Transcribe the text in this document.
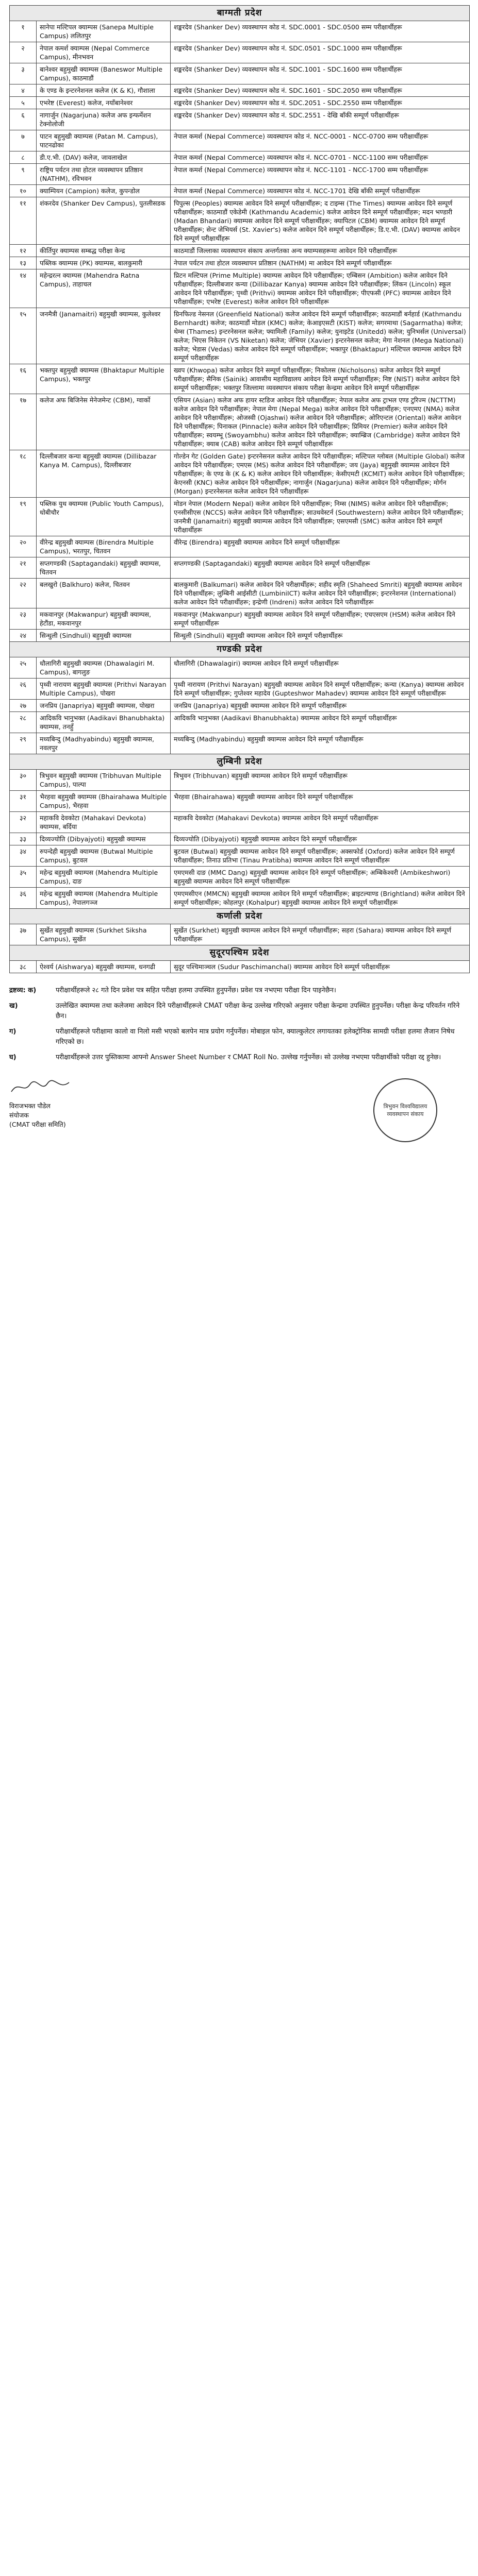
बाग्मती प्रदेश		
१	सानेपा मल्टिपल क्याम्पस (Sanepa Multiple Campus) ललितपुर	शङ्करदेव (Shanker Dev) व्यवस्थापन कोड नं. SDC.0001 - SDC.0500 सम्म परीक्षार्थीहरू
२	नेपाल कमर्श क्याम्पस (Nepal Commerce Campus), मीनभवन	शङ्करदेव (Shanker Dev) व्यवस्थापन कोड नं. SDC.0501 - SDC.1000 सम्म परीक्षार्थीहरू
३	बानेश्वर बहुमुखी क्याम्पस (Baneswor Multiple Campus), काठमाडौं	शङ्करदेव (Shanker Dev) व्यवस्थापन कोड नं. SDC.1001 - SDC.1600 सम्म परीक्षार्थीहरू
४	के एण्ड के इन्टरनेशनल कलेज (K & K), गौशाला	शङ्करदेव (Shanker Dev) व्यवस्थापन कोड नं. SDC.1601 - SDC.2050 सम्म परीक्षार्थीहरू
५	एभरेष्ट (Everest) कलेज, नयाँबानेश्वर	शङ्करदेव (Shanker Dev) व्यवस्थापन कोड नं. SDC.2051 - SDC.2550 सम्म परीक्षार्थीहरू
६	नागार्जुन (Nagarjuna) कलेज अफ इन्फर्मेशन टेक्नोलोजी	शङ्करदेव (Shanker Dev) व्यवस्थापन कोड नं. SDC.2551 - देखि बाँकी सम्पूर्ण परीक्षार्थीहरू
७	पाटन बहुमुखी क्याम्पस (Patan M. Campus), पाटनढोका	नेपाल कमर्श (Nepal Commerce) व्यवस्थापन कोड नं. NCC-0001 - NCC-0700 सम्म परीक्षार्थीहरू
८	डी.ए.भी. (DAV) कलेज, जावलाखेल	नेपाल कमर्श (Nepal Commerce) व्यवस्थापन कोड नं. NCC-0701 - NCC-1100 सम्म परीक्षार्थीहरू
९	राष्ट्रिय पर्यटन तथा होटल व्यवस्थापन प्रतिष्ठान (NATHM), रविभवन	नेपाल कमर्श (Nepal Commerce) व्यवस्थापन कोड नं. NCC-1101 - NCC-1700 सम्म परीक्षार्थीहरू
१०	क्याम्पियन (Campion) कलेज, कुपन्डोल	नेपाल कमर्श (Nepal Commerce) व्यवस्थापन कोड नं. NCC-1701 देखि बाँकी सम्पूर्ण परीक्षार्थीहरू
११	शंकरदेव (Shanker Dev Campus), पुतलीसडक	पिपुल्स (Peoples) क्याम्पस आवेदन दिने सम्पूर्ण परीक्षार्थीहरू; द टाइम्स (The Times) क्याम्पस आवेदन दिने सम्पूर्ण परीक्षार्थीहरू; काठमाडौं एकेडेमी (Kathmandu Academic) कलेज आवेदन दिने सम्पूर्ण परीक्षार्थीहरू; मदन भण्डारी (Madan Bhandari) क्याम्पस आवेदन दिने सम्पूर्ण परीक्षार्थीहरू; क्यापिटल (CBM) क्याम्पस आवेदन दिने सम्पूर्ण परीक्षार्थीहरू; सेन्ट जेभियर्स (St. Xavier's) कलेज आवेदन दिने सम्पूर्ण परीक्षार्थीहरू; डि.ए.भी. (DAV) क्याम्पस आवेदन दिने सम्पूर्ण परीक्षार्थीहरू
१२	कीर्तिपुर क्याम्पस सम्बद्ध परीक्षा केन्द्र	काठमाडौं जिल्लाका व्यवस्थापन संकाय अन्तर्गतका अन्य क्याम्पसहरूमा आवेदन दिने परीक्षार्थीहरू
१३	पब्लिक क्याम्पस (PK) क्याम्पस, बालकुमारी	नेपाल पर्यटन तथा होटल व्यवस्थापन प्रतिष्ठान (NATHM) मा आवेदन दिने सम्पूर्ण परीक्षार्थीहरू
१४	महेन्द्ररत्न क्याम्पस (Mahendra Ratna Campus), ताहाचल	प्रिटन मल्टिपल (Prime Multiple) क्याम्पस आवेदन दिने परीक्षार्थीहरू; एम्बिसन (Ambition) कलेज आवेदन दिने परीक्षार्थीहरू; दिल्लीबजार कन्या (Dillibazar Kanya) क्याम्पस आवेदन दिने परीक्षार्थीहरू; लिंकन (Lincoln) स्कूल आवेदन दिने परीक्षार्थीहरू; पृथ्वी (Prithvi) क्याम्पस आवेदन दिने परीक्षार्थीहरू; पीएफसी (PFC) क्याम्पस आवेदन दिने परीक्षार्थीहरू; एभरेष्ट (Everest) कलेज आवेदन दिने परीक्षार्थीहरू
१५	जनमैत्री (Janamaitri) बहुमुखी क्याम्पस, कुलेश्वर	ग्रिनफिल्ड नेसनल (Greenfield National) कलेज आवेदन दिने सम्पूर्ण परीक्षार्थीहरू; काठमाडौं बर्नहार्ड (Kathmandu Bernhardt) कलेज; काठमाडौं मोडल (KMC) कलेज; केआइएसटी (KIST) कलेज; सगरमाथा (Sagarmatha) कलेज; थेम्स (Thames) इन्टरनेसनल कलेज; फ्यामिली (Family) कलेज; युनाइटेड (Unitedd) कलेज; युनिभर्सल (Universal) कलेज; भिएस निकेतन (VS Niketan) कलेज; जेभियर (Xavier) इन्टरनेसनल कलेज; मेगा नेशनल (Mega National) कलेज; भेडास (Vedas) कलेज आवेदन दिने सम्पूर्ण परीक्षार्थीहरू; भक्तपुर (Bhaktapur) मल्टिपल क्याम्पस आवेदन दिने सम्पूर्ण परीक्षार्थीहरू
१६	भक्तपुर बहुमुखी क्याम्पस (Bhaktapur Multiple Campus), भक्तपुर	ख्वप (Khwopa) कलेज आवेदन दिने सम्पूर्ण परीक्षार्थीहरू; निकोलस (Nicholsons) कलेज आवेदन दिने सम्पूर्ण परीक्षार्थीहरू; सैनिक (Sainik) आवासीय महाविद्यालय आवेदन दिने सम्पूर्ण परीक्षार्थीहरू; निष्ट (NIST) कलेज आवेदन दिने सम्पूर्ण परीक्षार्थीहरू; भक्तपुर जिल्लामा व्यवस्थापन संकाय परीक्षा केन्द्रमा आवेदन दिने सम्पूर्ण परीक्षार्थीहरू
१७	कलेज अफ बिजिनेस मेनेजमेन्ट (CBM), ग्वार्को	एसियन (Asian) कलेज अफ हायर स्टडिज आवेदन दिने परीक्षार्थीहरू; नेपाल कलेज अफ ट्राभल एण्ड टुरिज्म (NCTTM) कलेज आवेदन दिने परीक्षार्थीहरू; नेपाल मेगा (Nepal Mega) कलेज आवेदन दिने परीक्षार्थीहरू; एनएमए (NMA) कलेज आवेदन दिने परीक्षार्थीहरू; ओजस्वी (Ojashwi) कलेज आवेदन दिने परीक्षार्थीहरू; ओरिएन्टल (Oriental) कलेज आवेदन दिने परीक्षार्थीहरू; पिनाकल (Pinnacle) कलेज आवेदन दिने परीक्षार्थीहरू; प्रिमियर (Premier) कलेज आवेदन दिने परीक्षार्थीहरू; स्वयम्भू (Swoyambhu) कलेज आवेदन दिने परीक्षार्थीहरू; क्याम्ब्रिज (Cambridge) कलेज आवेदन दिने परीक्षार्थीहरू; क्याब (CAB) कलेज आवेदन दिने सम्पूर्ण परीक्षार्थीहरू
१८	दिल्लीबजार कन्या बहुमुखी क्याम्पस (Dillibazar Kanya M. Campus), दिल्लीबजार	गोल्डेन गेट (Golden Gate) इन्टरनेसनल कलेज आवेदन दिने परीक्षार्थीहरू; मल्टिपल ग्लोबल (Multiple Global) कलेज आवेदन दिने परीक्षार्थीहरू; एमएस (MS) कलेज आवेदन दिने परीक्षार्थीहरू; जय (Jaya) बहुमुखी क्याम्पस आवेदन दिने परीक्षार्थीहरू; के एण्ड के (K & K) कलेज आवेदन दिने परीक्षार्थीहरू; केसीएमटी (KCMIT) कलेज आवेदन दिने परीक्षार्थीहरू; केएनसी (KNC) कलेज आवेदन दिने परीक्षार्थीहरू; नागार्जुन (Nagarjuna) कलेज आवेदन दिने परीक्षार्थीहरू; मोर्गन (Morgan) इन्टरनेसनल कलेज आवेदन दिने परीक्षार्थीहरू
१९	पब्लिक युथ क्याम्पस (Public Youth Campus), धोबीचौर	मोडन नेपाल (Modern Nepal) कलेज आवेदन दिने परीक्षार्थीहरू; निम्स (NIMS) कलेज आवेदन दिने परीक्षार्थीहरू; एनसीसीएस (NCCS) कलेज आवेदन दिने परीक्षार्थीहरू; साउथवेस्टर्न (Southwestern) कलेज आवेदन दिने परीक्षार्थीहरू; जनमैत्री (Janamaitri) बहुमुखी क्याम्पस आवेदन दिने परीक्षार्थीहरू; एसएमसी (SMC) कलेज आवेदन दिने सम्पूर्ण परीक्षार्थीहरू
२०	वीरेन्द्र बहुमुखी क्याम्पस (Birendra Multiple Campus), भरतपुर, चितवन	वीरेन्द्र (Birendra) बहुमुखी क्याम्पस आवेदन दिने सम्पूर्ण परीक्षार्थीहरू
२१	सप्तगण्डकी (Saptagandaki) बहुमुखी क्याम्पस, चितवन	सप्तगण्डकी (Saptagandaki) बहुमुखी क्याम्पस आवेदन दिने सम्पूर्ण परीक्षार्थीहरू
२२	बलखुरो (Balkhuro) कलेज, चितवन	बालकुमारी (Balkumari) कलेज आवेदन दिने परीक्षार्थीहरू; शहीद स्मृति (Shaheed Smriti) बहुमुखी क्याम्पस आवेदन दिने परीक्षार्थीहरू; लुम्बिनी आईसीटी (LumbiniICT) कलेज आवेदन दिने परीक्षार्थीहरू; इन्टरनेशनल (International) कलेज आवेदन दिने परीक्षार्थीहरू; इन्द्रेणी (Indreni) कलेज आवेदन दिने परीक्षार्थीहरू
२३	मकवानपुर (Makwanpur) बहुमुखी क्याम्पस, हेटौंडा, मकवानपुर	मकवानपुर (Makwanpur) बहुमुखी क्याम्पस आवेदन दिने सम्पूर्ण परीक्षार्थीहरू; एचएसएम (HSM) कलेज आवेदन दिने सम्पूर्ण परीक्षार्थीहरू
२४	सिन्धुली (Sindhuli) बहुमुखी क्याम्पस	सिन्धुली (Sindhuli) बहुमुखी क्याम्पस आवेदन दिने सम्पूर्ण परीक्षार्थीहरू
गण्डकी प्रदेश		
२५	धौलागिरी बहुमुखी क्याम्पस (Dhawalagiri M. Campus), बागलुङ	धौलागिरी (Dhawalagiri) क्याम्पस आवेदन दिने सम्पूर्ण परीक्षार्थीहरू
२६	पृथ्वी नारायण बहुमुखी क्याम्पस (Prithvi Narayan Multiple Campus), पोखरा	पृथ्वी नारायण (Prithvi Narayan) बहुमुखी क्याम्पस आवेदन दिने सम्पूर्ण परीक्षार्थीहरू; कन्या (Kanya) क्याम्पस आवेदन दिने सम्पूर्ण परीक्षार्थीहरू; गुप्तेश्वर महादेव (Gupteshwor Mahadev) क्याम्पस आवेदन दिने सम्पूर्ण परीक्षार्थीहरू
२७	जनप्रिय (Janapriya) बहुमुखी क्याम्पस, पोखरा	जनप्रिय (Janapriya) बहुमुखी क्याम्पस आवेदन दिने सम्पूर्ण परीक्षार्थीहरू
२८	आदिकवि भानुभक्त (Aadikavi Bhanubhakta) क्याम्पस, तनहुँ	आदिकवि भानुभक्त (Aadikavi Bhanubhakta) क्याम्पस आवेदन दिने सम्पूर्ण परीक्षार्थीहरू
२९	मध्यबिन्दु (Madhyabindu) बहुमुखी क्याम्पस, नवलपुर	मध्यबिन्दु (Madhyabindu) बहुमुखी क्याम्पस आवेदन दिने सम्पूर्ण परीक्षार्थीहरू
लुम्बिनी प्रदेश		
३०	त्रिभुवन बहुमुखी क्याम्पस (Tribhuvan Multiple Campus), पाल्पा	त्रिभुवन (Tribhuvan) बहुमुखी क्याम्पस आवेदन दिने सम्पूर्ण परीक्षार्थीहरू
३१	भैरहवा बहुमुखी क्याम्पस (Bhairahawa Multiple Campus), भैरहवा	भैरहवा (Bhairahawa) बहुमुखी क्याम्पस आवेदन दिने सम्पूर्ण परीक्षार्थीहरू
३२	महाकवि देवकोटा (Mahakavi Devkota) क्याम्पस, बर्दिया	महाकवि देवकोटा (Mahakavi Devkota) क्याम्पस आवेदन दिने सम्पूर्ण परीक्षार्थीहरू
३३	दिव्यज्योति (Dibyajyoti) बहुमुखी क्याम्पस	दिव्यज्योति (Dibyajyoti) बहुमुखी क्याम्पस आवेदन दिने सम्पूर्ण परीक्षार्थीहरू
३४	रुपन्देही बहुमुखी क्याम्पस (Butwal Multiple Campus), बुटवल	बुटवल (Butwal) बहुमुखी क्याम्पस आवेदन दिने सम्पूर्ण परीक्षार्थीहरू; अक्सफोर्ड (Oxford) कलेज आवेदन दिने सम्पूर्ण परीक्षार्थीहरू; तिनाउ प्रतिभा (Tinau Pratibha) क्याम्पस आवेदन दिने सम्पूर्ण परीक्षार्थीहरू
३५	महेन्द्र बहुमुखी क्याम्पस (Mahendra Multiple Campus), दाङ	एमएमसी दाङ (MMC Dang) बहुमुखी क्याम्पस आवेदन दिने सम्पूर्ण परीक्षार्थीहरू; अम्बिकेश्वरी (Ambikeshwori) बहुमुखी क्याम्पस आवेदन दिने सम्पूर्ण परीक्षार्थीहरू
३६	महेन्द्र बहुमुखी क्याम्पस (Mahendra Multiple Campus), नेपालगञ्ज	एमएमसीएन (MMCN) बहुमुखी क्याम्पस आवेदन दिने सम्पूर्ण परीक्षार्थीहरू; ब्राइटल्याण्ड (Brightland) कलेज आवेदन दिने सम्पूर्ण परीक्षार्थीहरू; कोहलपुर (Kohalpur) बहुमुखी क्याम्पस आवेदन दिने सम्पूर्ण परीक्षार्थीहरू
कर्णाली प्रदेश		
३७	सुर्खेत बहुमुखी क्याम्पस (Surkhet Siksha Campus), सुर्खेत	सुर्खेत (Surkhet) बहुमुखी क्याम्पस आवेदन दिने सम्पूर्ण परीक्षार्थीहरू; सहरा (Sahara) क्याम्पस आवेदन दिने सम्पूर्ण परीक्षार्थीहरू
सुदूरपश्चिम प्रदेश		
३८	ऐश्वर्य (Aishwarya) बहुमुखी क्याम्पस, धनगढी	सुदूर पश्चिमाञ्चल (Sudur Paschimanchal) क्याम्पस आवेदन दिने सम्पूर्ण परीक्षार्थीहरू
द्रष्टव्य: क)	परीक्षार्थीहरूले २८ गते दिन प्रवेश पत्र सहित परीक्षा हलमा उपस्थित हुनुपर्नेछ। प्रवेश पत्र नभएमा परीक्षा दिन पाइनेछैन।
ख)	उल्लेखित क्याम्पस तथा कलेजमा आवेदन दिने परीक्षार्थीहरूले CMAT परीक्षा केन्द्र उल्लेख गरिएको अनुसार परीक्षा केन्द्रमा उपस्थित हुनुपर्नेछ। परीक्षा केन्द्र परिवर्तन गरिने छैन।
ग)	परीक्षार्थीहरूले परीक्षामा कालो वा निलो मसी भएको बलपेन मात्र प्रयोग गर्नुपर्नेछ। मोबाइल फोन, क्याल्कुलेटर लगायतका इलेक्ट्रोनिक सामग्री परीक्षा हलमा लैजान निषेध गरिएको छ।
घ)	परीक्षार्थीहरूले उत्तर पुस्तिकामा आफ्नो Answer Sheet Number र CMAT Roll No. उल्लेख गर्नुपर्नेछ। सो उल्लेख नभएमा परीक्षार्थीको परीक्षा रद्द हुनेछ।
विराजभक्त पौडेल
संयोजक
(CMAT परीक्षा समिति)
त्रिभुवन विश्वविद्यालय व्यवस्थापन संकाय
